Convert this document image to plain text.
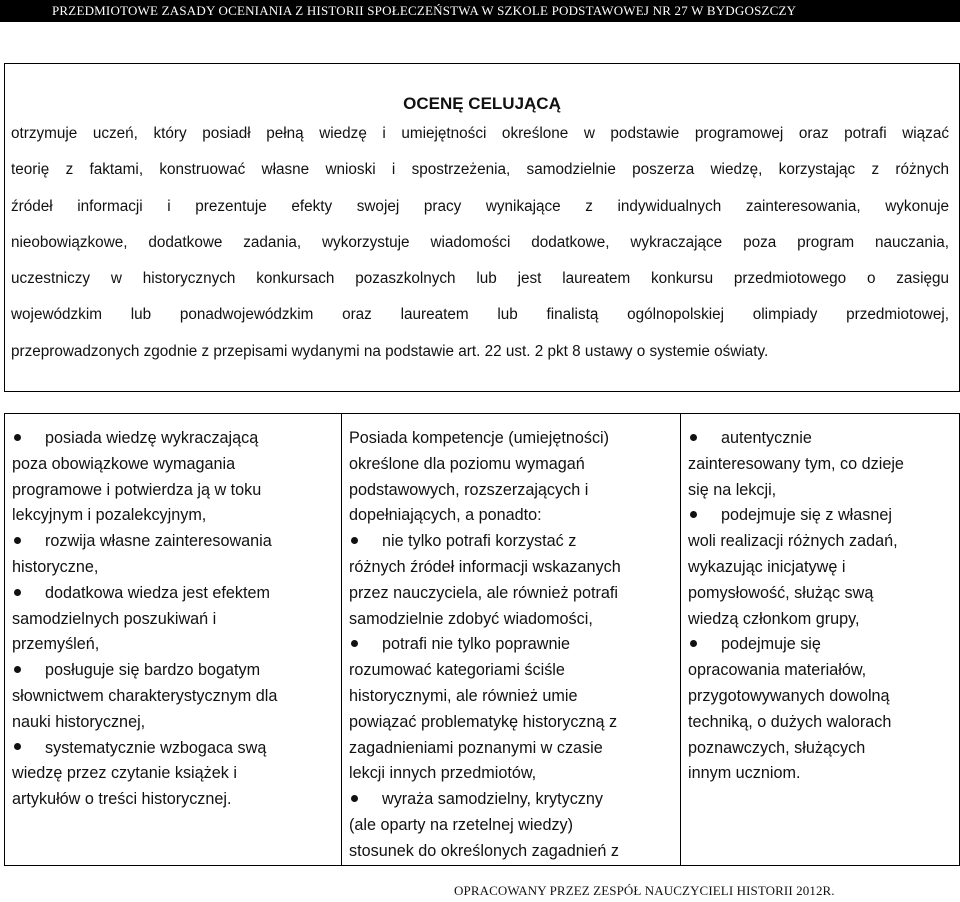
PRZEDMIOTOWE ZASADY OCENIANIA Z HISTORII SPOŁECZEŃSTWA W SZKOLE PODSTAWOWEJ NR 27 W BYDGOSZCZY
OCENĘ CELUJĄCĄ
otrzymuje uczeń, który posiadł pełną wiedzę i umiejętności określone w podstawie programowej oraz potrafi wiązać
teorię z faktami, konstruować własne wnioski i spostrzeżenia, samodzielnie poszerza wiedzę, korzystając z różnych
źródeł informacji i prezentuje efekty swojej pracy wynikające z indywidualnych zainteresowania, wykonuje
nieobowiązkowe, dodatkowe zadania, wykorzystuje wiadomości dodatkowe, wykraczające poza program nauczania,
uczestniczy w historycznych konkursach pozaszkolnych lub jest laureatem konkursu przedmiotowego o zasięgu
wojewódzkim lub ponadwojewódzkim oraz laureatem lub finalistą ogólnopolskiej olimpiady przedmiotowej,
przeprowadzonych zgodnie z przepisami wydanymi na podstawie art. 22 ust. 2 pkt 8 ustawy o systemie oświaty.
posiada wiedzę wykraczającą
poza obowiązkowe wymagania
programowe i potwierdza ją w toku
lekcyjnym i pozalekcyjnym,
rozwija własne zainteresowania
historyczne,
dodatkowa wiedza jest efektem
samodzielnych poszukiwań i
przemyśleń,
posługuje się bardzo bogatym
słownictwem charakterystycznym dla
nauki historycznej,
systematycznie wzbogaca swą
wiedzę przez czytanie książek i
artykułów o treści historycznej.
Posiada kompetencje (umiejętności)
określone dla poziomu wymagań
podstawowych, rozszerzających i
dopełniających, a ponadto:
nie tylko potrafi korzystać z
różnych źródeł informacji wskazanych
przez nauczyciela, ale również potrafi
samodzielnie zdobyć wiadomości,
potrafi nie tylko poprawnie
rozumować kategoriami ściśle
historycznymi, ale również umie
powiązać problematykę historyczną z
zagadnieniami poznanymi w czasie
lekcji innych przedmiotów,
wyraża samodzielny, krytyczny
(ale oparty na rzetelnej wiedzy)
stosunek do określonych zagadnień z
autentycznie
zainteresowany tym, co dzieje
się na lekcji,
podejmuje się z własnej
woli realizacji różnych zadań,
wykazując inicjatywę i
pomysłowość, służąc swą
wiedzą członkom grupy,
podejmuje się
opracowania materiałów,
przygotowywanych dowolną
techniką, o dużych walorach
poznawczych, służących
innym uczniom.
OPRACOWANY PRZEZ ZESPÓŁ NAUCZYCIELI HISTORII 2012R.
